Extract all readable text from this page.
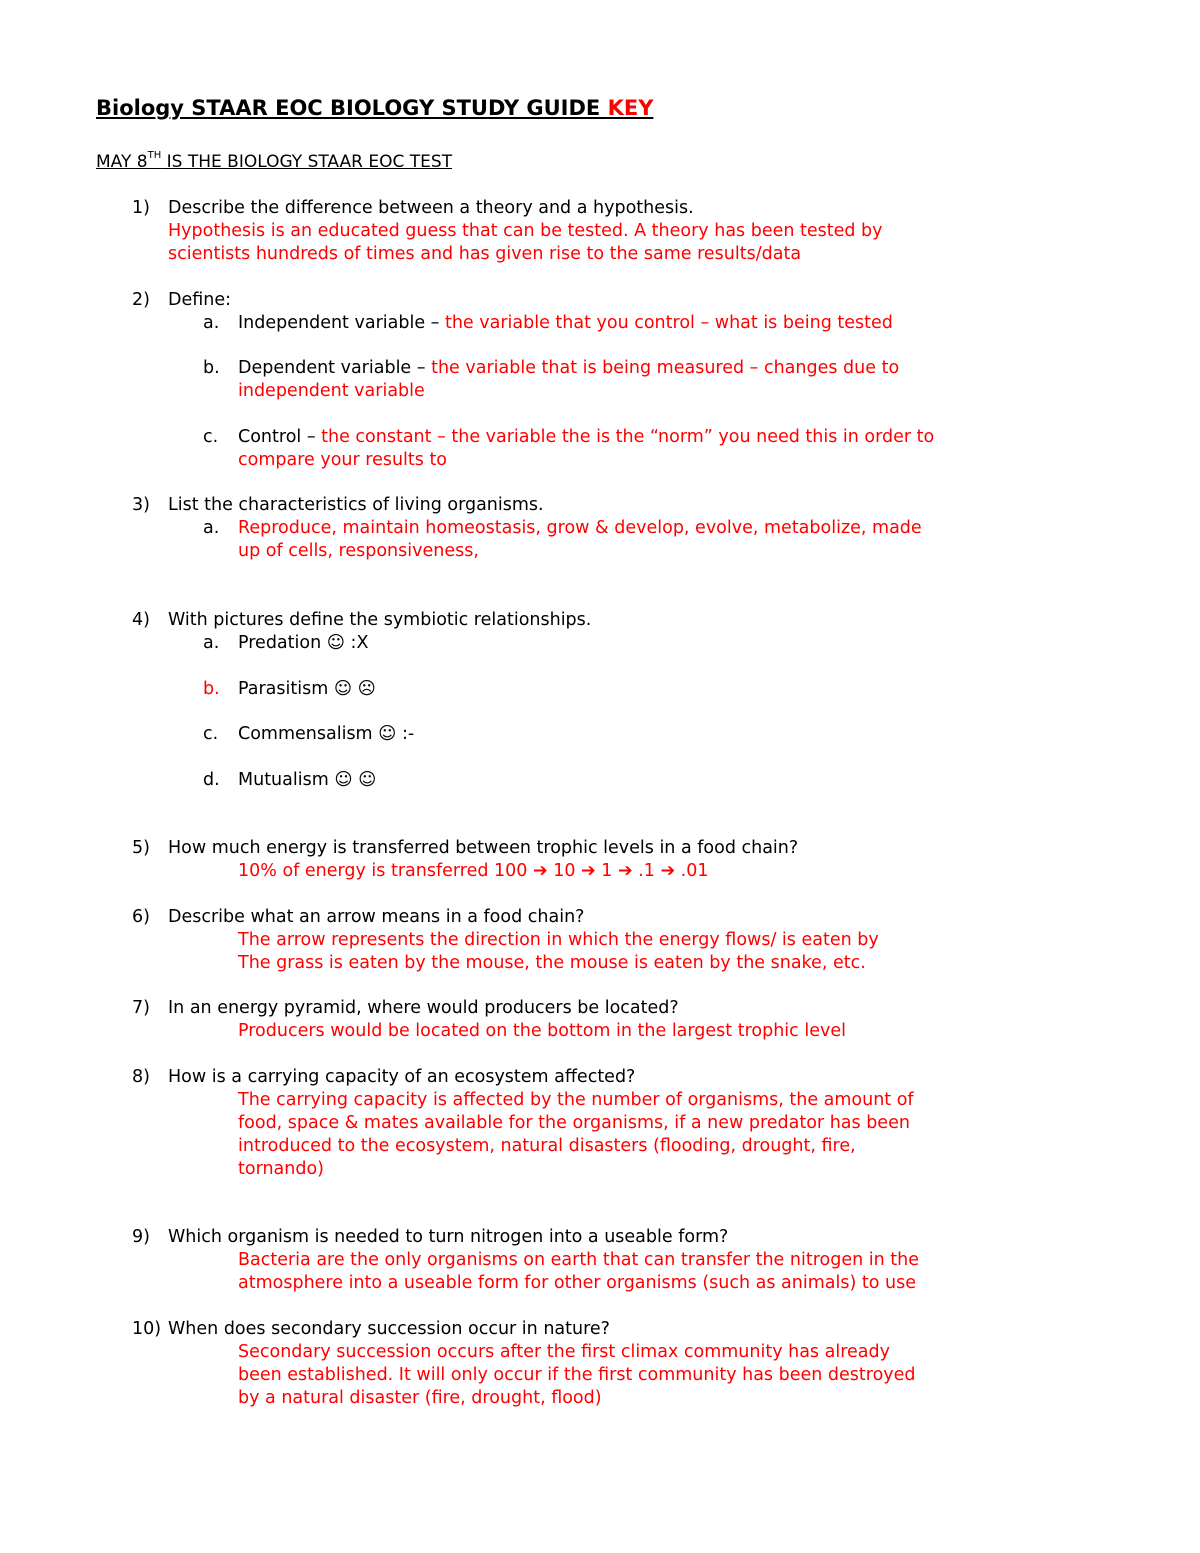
Biology STAAR EOC BIOLOGY STUDY GUIDE KEY

MAY 8TH IS THE BIOLOGY STAAR EOC TEST

1) Describe the difference between a theory and a hypothesis.

Hypothesis is an educated guess that can be tested. A theory has been tested by

scientists hundreds of times and has given rise to the same results/data

2) Define:

a. Independent variable – the variable that you control – what is being tested

b. Dependent variable – the variable that is being measured – changes due to

independent variable

c. Control – the constant – the variable the is the “norm” you need this in order to

compare your results to

3) List the characteristics of living organisms.

a. Reproduce, maintain homeostasis, grow & develop, evolve, metabolize, made

up of cells, responsiveness,

4) With pictures define the symbiotic relationships.

a. Predation ☺ :X

b. Parasitism ☺ ☹

c. Commensalism ☺ :-

d. Mutualism ☺ ☺

5) How much energy is transferred between trophic levels in a food chain?

10% of energy is transferred 100 ➔ 10 ➔ 1 ➔ .1 ➔ .01

6) Describe what an arrow means in a food chain?

The arrow represents the direction in which the energy flows/ is eaten by

The grass is eaten by the mouse, the mouse is eaten by the snake, etc.

7) In an energy pyramid, where would producers be located?

Producers would be located on the bottom in the largest trophic level

8) How is a carrying capacity of an ecosystem affected?

The carrying capacity is affected by the number of organisms, the amount of

food, space & mates available for the organisms, if a new predator has been

introduced to the ecosystem, natural disasters (flooding, drought, fire,

tornando)

9) Which organism is needed to turn nitrogen into a useable form?

Bacteria are the only organisms on earth that can transfer the nitrogen in the

atmosphere into a useable form for other organisms (such as animals) to use

10) When does secondary succession occur in nature?

Secondary succession occurs after the first climax community has already

been established. It will only occur if the first community has been destroyed

by a natural disaster (fire, drought, flood)
